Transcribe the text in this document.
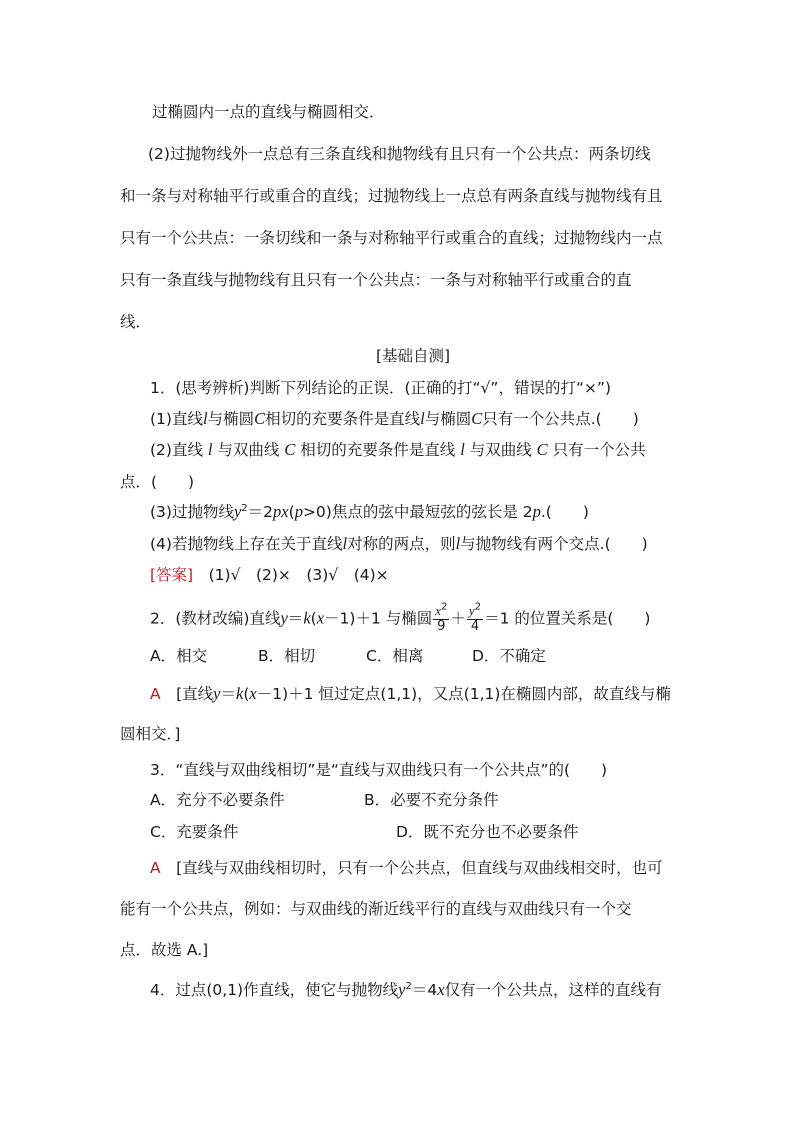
过椭圆内一点的直线与椭圆相交．
(2)过抛物线外一点总有三条直线和抛物线有且只有一个公共点：两条切线
和一条与对称轴平行或重合的直线；过抛物线上一点总有两条直线与抛物线有且
只有一个公共点：一条切线和一条与对称轴平行或重合的直线；过抛物线内一点
只有一条直线与抛物线有且只有一个公共点：一条与对称轴平行或重合的直
线．
[基础自测]
1．(思考辨析)判断下列结论的正误．(正确的打“√”，错误的打“×”)
(1)直线l与椭圆C相切的充要条件是直线l与椭圆C只有一个公共点.(　　)
(2)直线 l 与双曲线 C 相切的充要条件是直线 l 与双曲线 C 只有一个公共
点．(　　)
(3)过抛物线$y^2=2px(p>0)$焦点的弦中最短弦的弦长是 2p.(　　)
(4)若抛物线上存在关于直线l对称的两点，则l与抛物线有两个交点.(　　)
[答案]　(1)√　(2)×　(3)√　(4)×
2．(教材改编)直线y＝k(x－1)＋1 与椭圆 $\frac{x^2}{9} + \frac{y^2}{4} =1$ 的位置关系是(　　)
A．相交	B．相切	C．相离	D．不确定
A　[直线y＝k(x－1)＋1 恒过定点(1,1)，又点(1,1)在椭圆内部，故直线与椭
圆相交．]
3．“直线与双曲线相切”是“直线与双曲线只有一个公共点”的(　　)
A．充分不必要条件	B．必要不充分条件
C．充要条件	D．既不充分也不必要条件
A　[直线与双曲线相切时，只有一个公共点，但直线与双曲线相交时，也可
能有一个公共点，例如：与双曲线的渐近线平行的直线与双曲线只有一个交
点．故选 A.]
4．过点(0,1)作直线，使它与抛物线$y^2=4x$仅有一个公共点，这样的直线有
